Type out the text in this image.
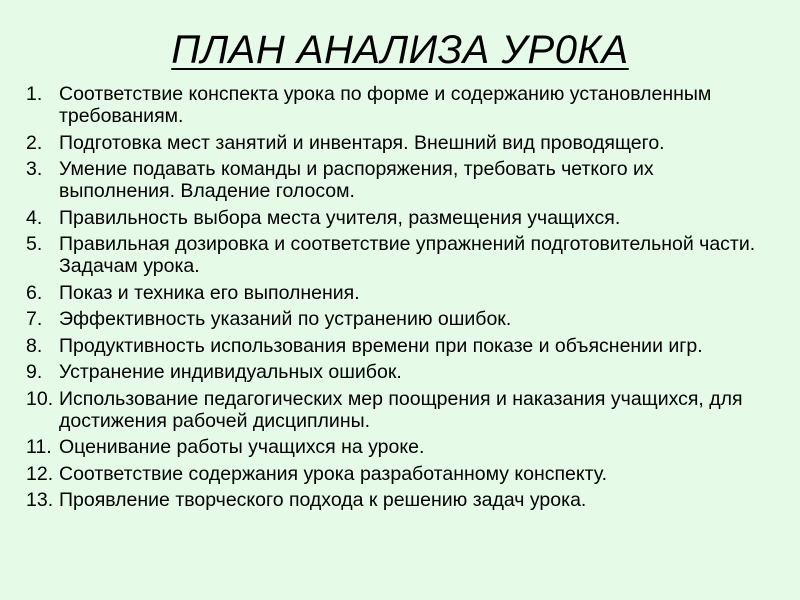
ПЛАН АНАЛИЗА УР0КА
1. Соответствие конспекта урока по форме и содержанию установленным требованиям.
2. Подготовка мест занятий и инвентаря. Внешний вид проводящего.
3. Умение подавать команды и распоряжения, требовать четкого их выполнения. Владение голосом.
4. Правильность выбора места учителя, размещения учащихся.
5. Правильная дозировка и соответствие упражнений подготовительной части. Задачам урока.
6. Показ и техника его выполнения.
7. Эффективность указаний по устранению ошибок.
8. Продуктивность использования времени при показе и объяснении игр.
9. Устранение индивидуальных ошибок.
10. Использование педагогических мер поощрения и наказания учащихся, для достижения рабочей дисциплины.
11. Оценивание работы учащихся на уроке.
12. Соответствие содержания урока разработанному конспекту.
13. Проявление творческого подхода к решению задач урока.
